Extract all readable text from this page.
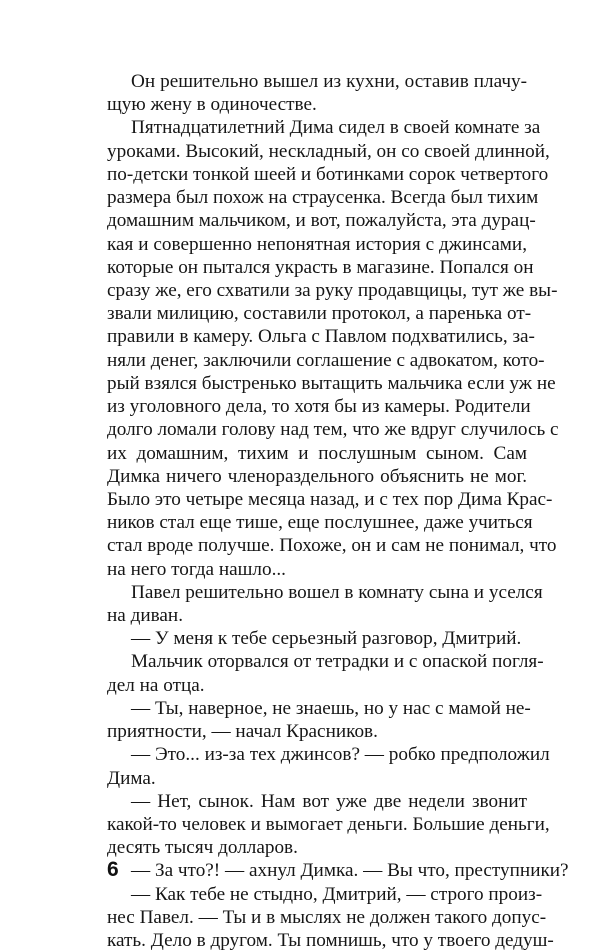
Он решительно вышел из кухни, оставив плачу-
щую жену в одиночестве.
Пятнадцатилетний Дима сидел в своей комнате за
уроками. Высокий, нескладный, он со своей длинной,
по-детски тонкой шеей и ботинками сорок четвертого
размера был похож на страусенка. Всегда был тихим
домашним мальчиком, и вот, пожалуйста, эта дурац-
кая и совершенно непонятная история с джинсами,
которые он пытался украсть в магазине. Попался он
сразу же, его схватили за руку продавщицы, тут же вы-
звали милицию, составили протокол, а паренька от-
правили в камеру. Ольга с Павлом подхватились, за-
няли денег, заключили соглашение с адвокатом, кото-
рый взялся быстренько вытащить мальчика если уж не
из уголовного дела, то хотя бы из камеры. Родители
долго ломали голову над тем, что же вдруг случилось с
их домашним, тихим и послушным сыном. Сам
Димка ничего членораздельного объяснить не мог.
Было это четыре месяца назад, и с тех пор Дима Крас-
ников стал еще тише, еще послушнее, даже учиться
стал вроде получше. Похоже, он и сам не понимал, что
на него тогда нашло...
Павел решительно вошел в комнату сына и уселся
на диван.
— У меня к тебе серьезный разговор, Дмитрий.
Мальчик оторвался от тетрадки и с опаской погля-
дел на отца.
— Ты, наверное, не знаешь, но у нас с мамой не-
приятности, — начал Красников.
— Это... из-за тех джинсов? — робко предположил
Дима.
— Нет, сынок. Нам вот уже две недели звонит
какой-то человек и вымогает деньги. Большие деньги,
десять тысяч долларов.
— За что?! — ахнул Димка. — Вы что, преступники?
— Как тебе не стыдно, Дмитрий, — строго произ-
нес Павел. — Ты и в мыслях не должен такого допус-
кать. Дело в другом. Ты помнишь, что у твоего дедуш-
6
